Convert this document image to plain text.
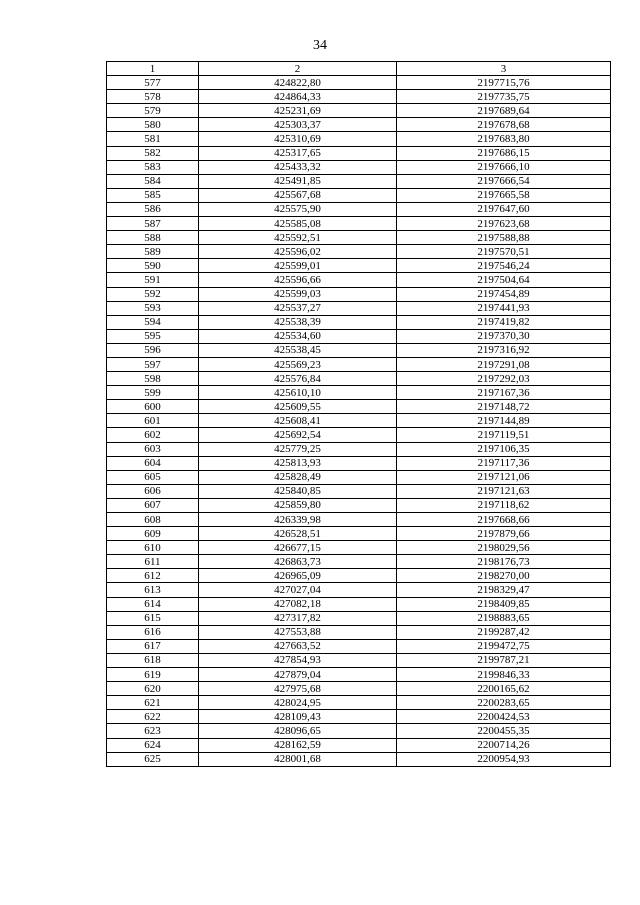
34
1	2	3
577	424822,80	2197715,76
578	424864,33	2197735,75
579	425231,69	2197689,64
580	425303,37	2197678,68
581	425310,69	2197683,80
582	425317,65	2197686,15
583	425433,32	2197666,10
584	425491,85	2197666,54
585	425567,68	2197665,58
586	425575,90	2197647,60
587	425585,08	2197623,68
588	425592,51	2197588,88
589	425596,02	2197570,51
590	425599,01	2197546,24
591	425596,66	2197504,64
592	425599,03	2197454,89
593	425537,27	2197441,93
594	425538,39	2197419,82
595	425534,60	2197370,30
596	425538,45	2197316,92
597	425569,23	2197291,08
598	425576,84	2197292,03
599	425610,10	2197167,36
600	425609,55	2197148,72
601	425608,41	2197144,89
602	425692,54	2197119,51
603	425779,25	2197106,35
604	425813,93	2197117,36
605	425828,49	2197121,06
606	425840,85	2197121,63
607	425859,80	2197118,62
608	426339,98	2197668,66
609	426528,51	2197879,66
610	426677,15	2198029,56
611	426863,73	2198176,73
612	426965,09	2198270,00
613	427027,04	2198329,47
614	427082,18	2198409,85
615	427317,82	2198883,65
616	427553,88	2199287,42
617	427663,52	2199472,75
618	427854,93	2199787,21
619	427879,04	2199846,33
620	427975,68	2200165,62
621	428024,95	2200283,65
622	428109,43	2200424,53
623	428096,65	2200455,35
624	428162,59	2200714,26
625	428001,68	2200954,93
